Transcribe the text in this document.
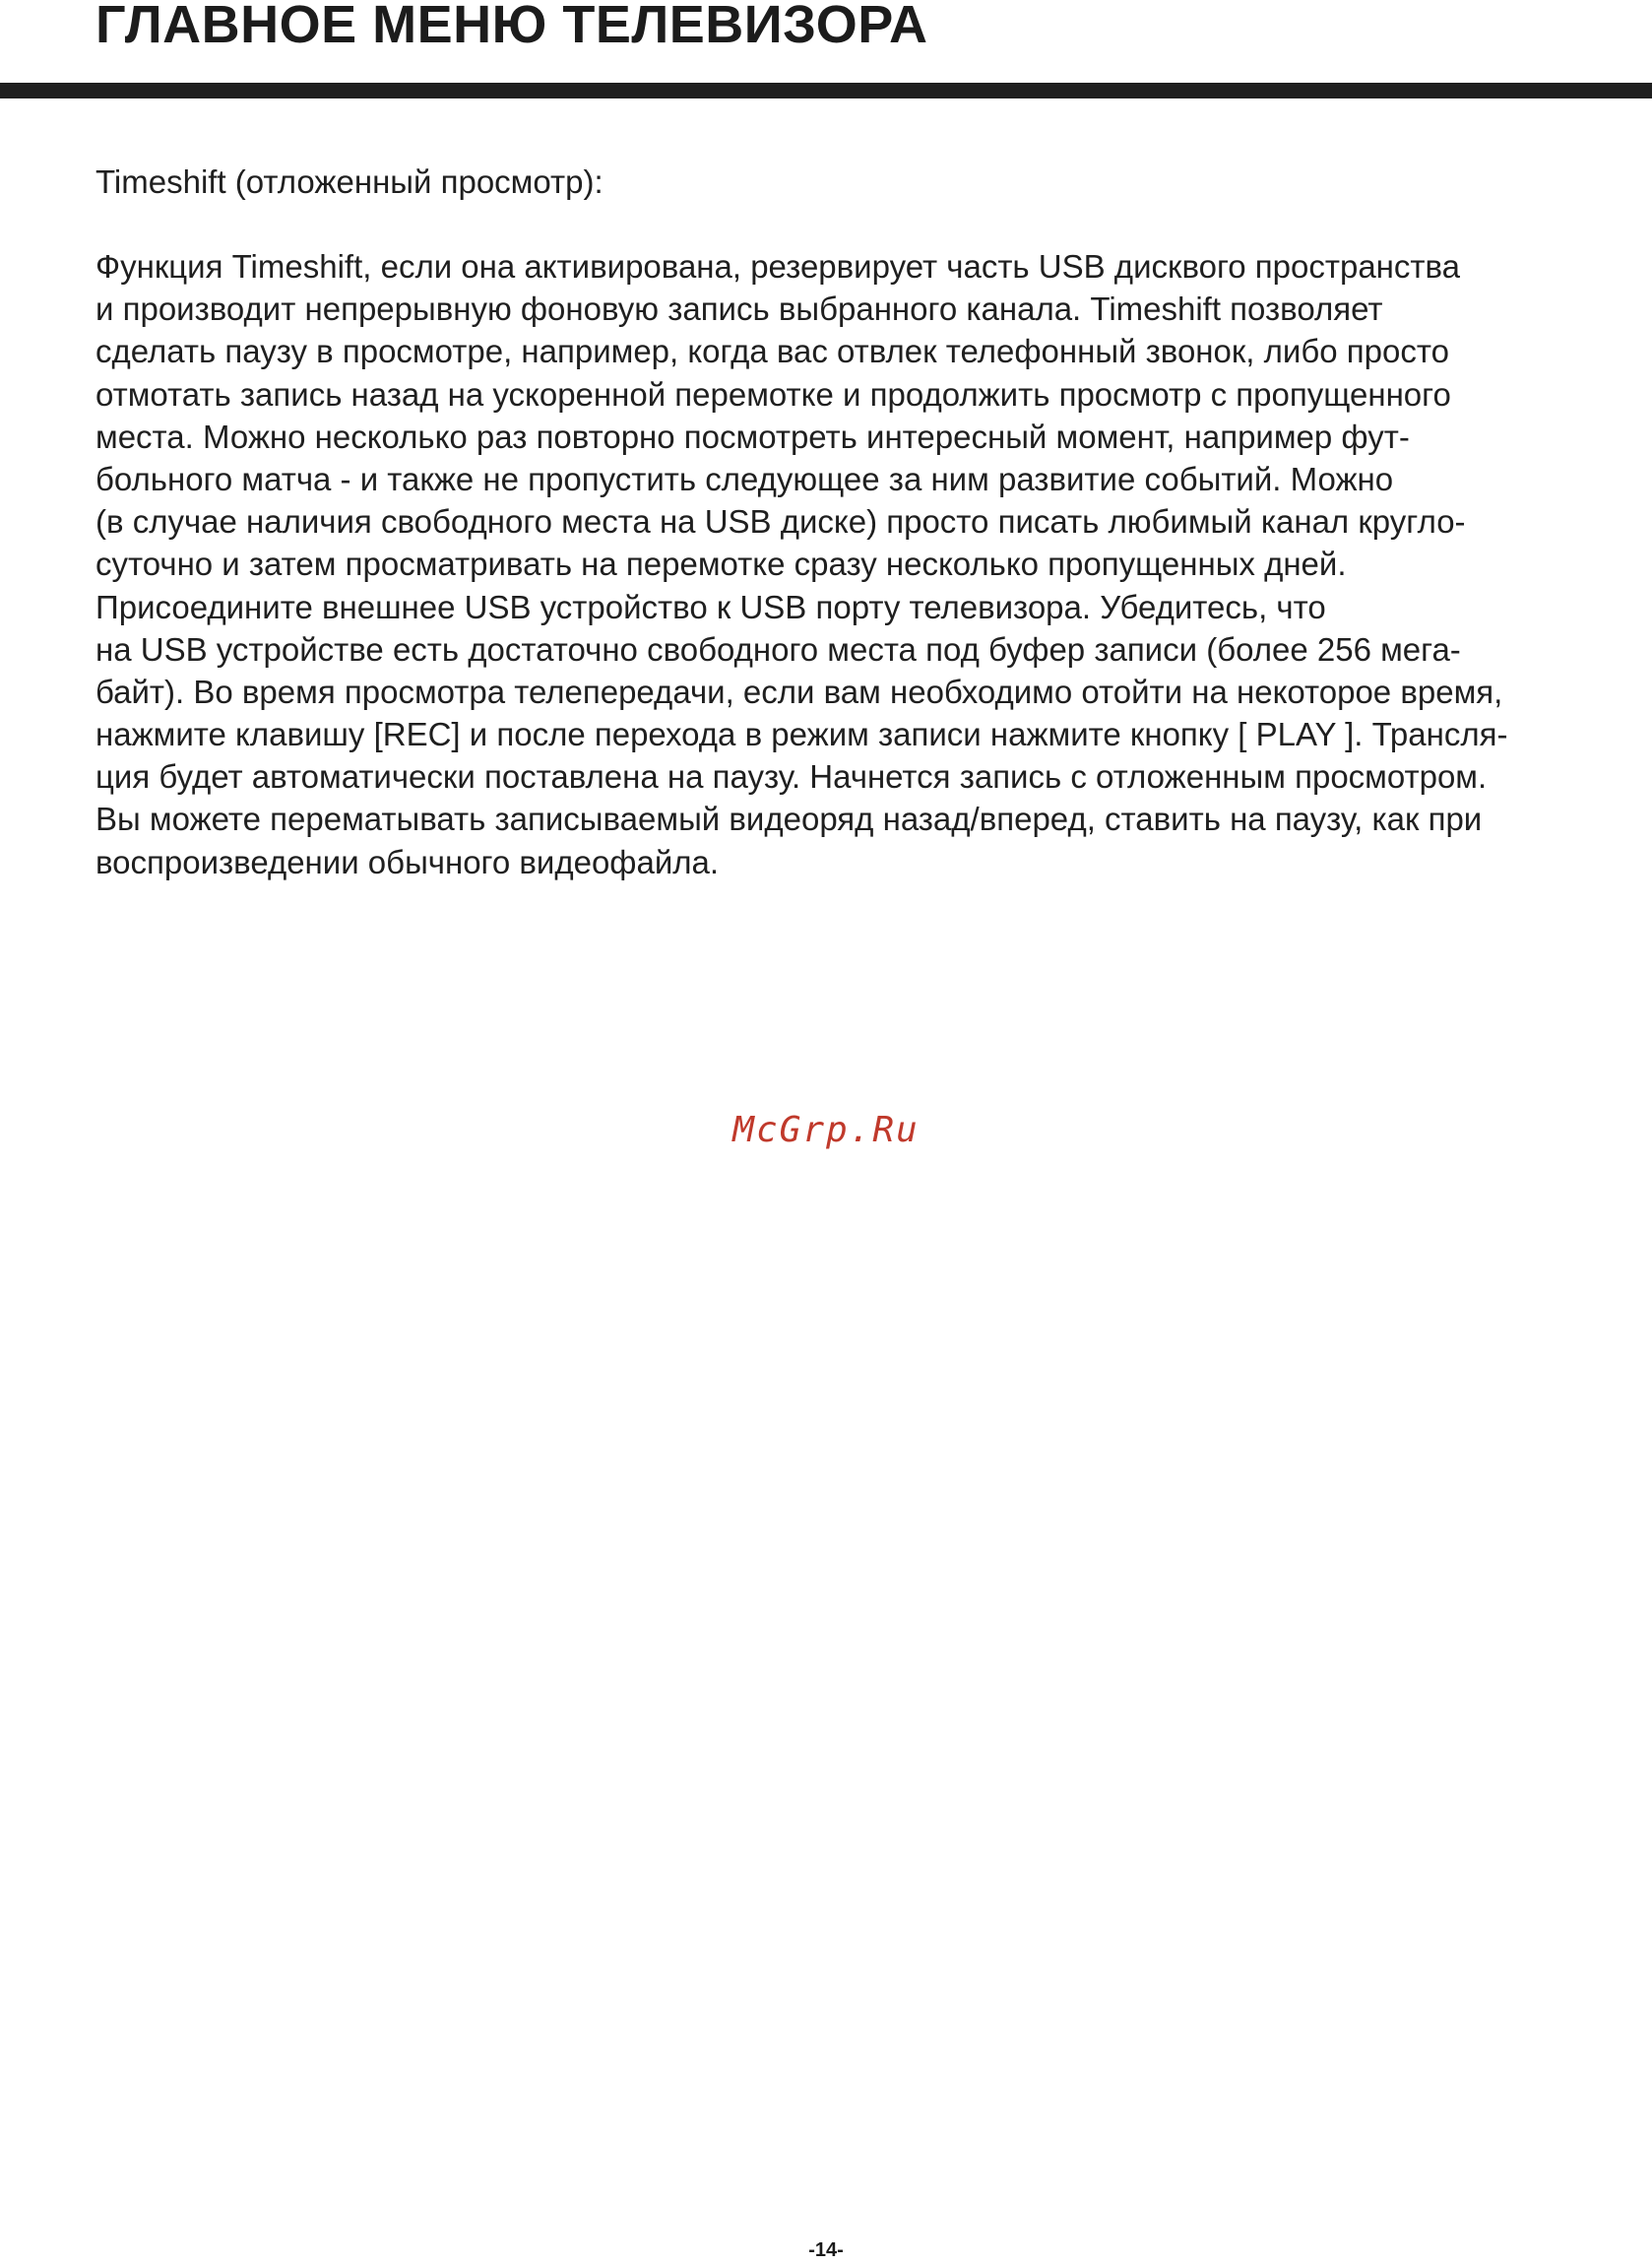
ГЛАВНОЕ МЕНЮ ТЕЛЕВИЗОРА
Timeshift (отложенный просмотр):
Функция Timeshift, если она активирована, резервирует часть USB дисквого пространства
и производит непрерывную фоновую запись выбранного канала. Timeshift позволяет
сделать паузу в просмотре, например, когда вас отвлек телефонный звонок, либо просто
отмотать запись назад на ускоренной перемотке и продолжить просмотр с пропущенного
места. Можно несколько раз повторно посмотреть интересный момент, например фут-
больного матча - и также не пропустить следующее за ним развитие событий. Можно
(в случае наличия свободного места на USB диске) просто писать любимый канал кругло-
суточно и затем просматривать на перемотке сразу несколько пропущенных дней.
Присоедините внешнее USB устройство к USB порту телевизора. Убедитесь, что
на USB устройстве есть достаточно свободного места под буфер записи (более 256 мега-
байт). Во время просмотра телепередачи, если вам необходимо отойти на некоторое время,
нажмите клавишу [REC] и после перехода в режим записи нажмите кнопку [ PLAY ]. Трансля-
ция будет автоматически поставлена на паузу. Начнется запись с отложенным просмотром.
Вы можете перематывать записываемый видеоряд назад/вперед, ставить на паузу, как при
воспроизведении обычного видеофайла.
McGrp.Ru
-14-
